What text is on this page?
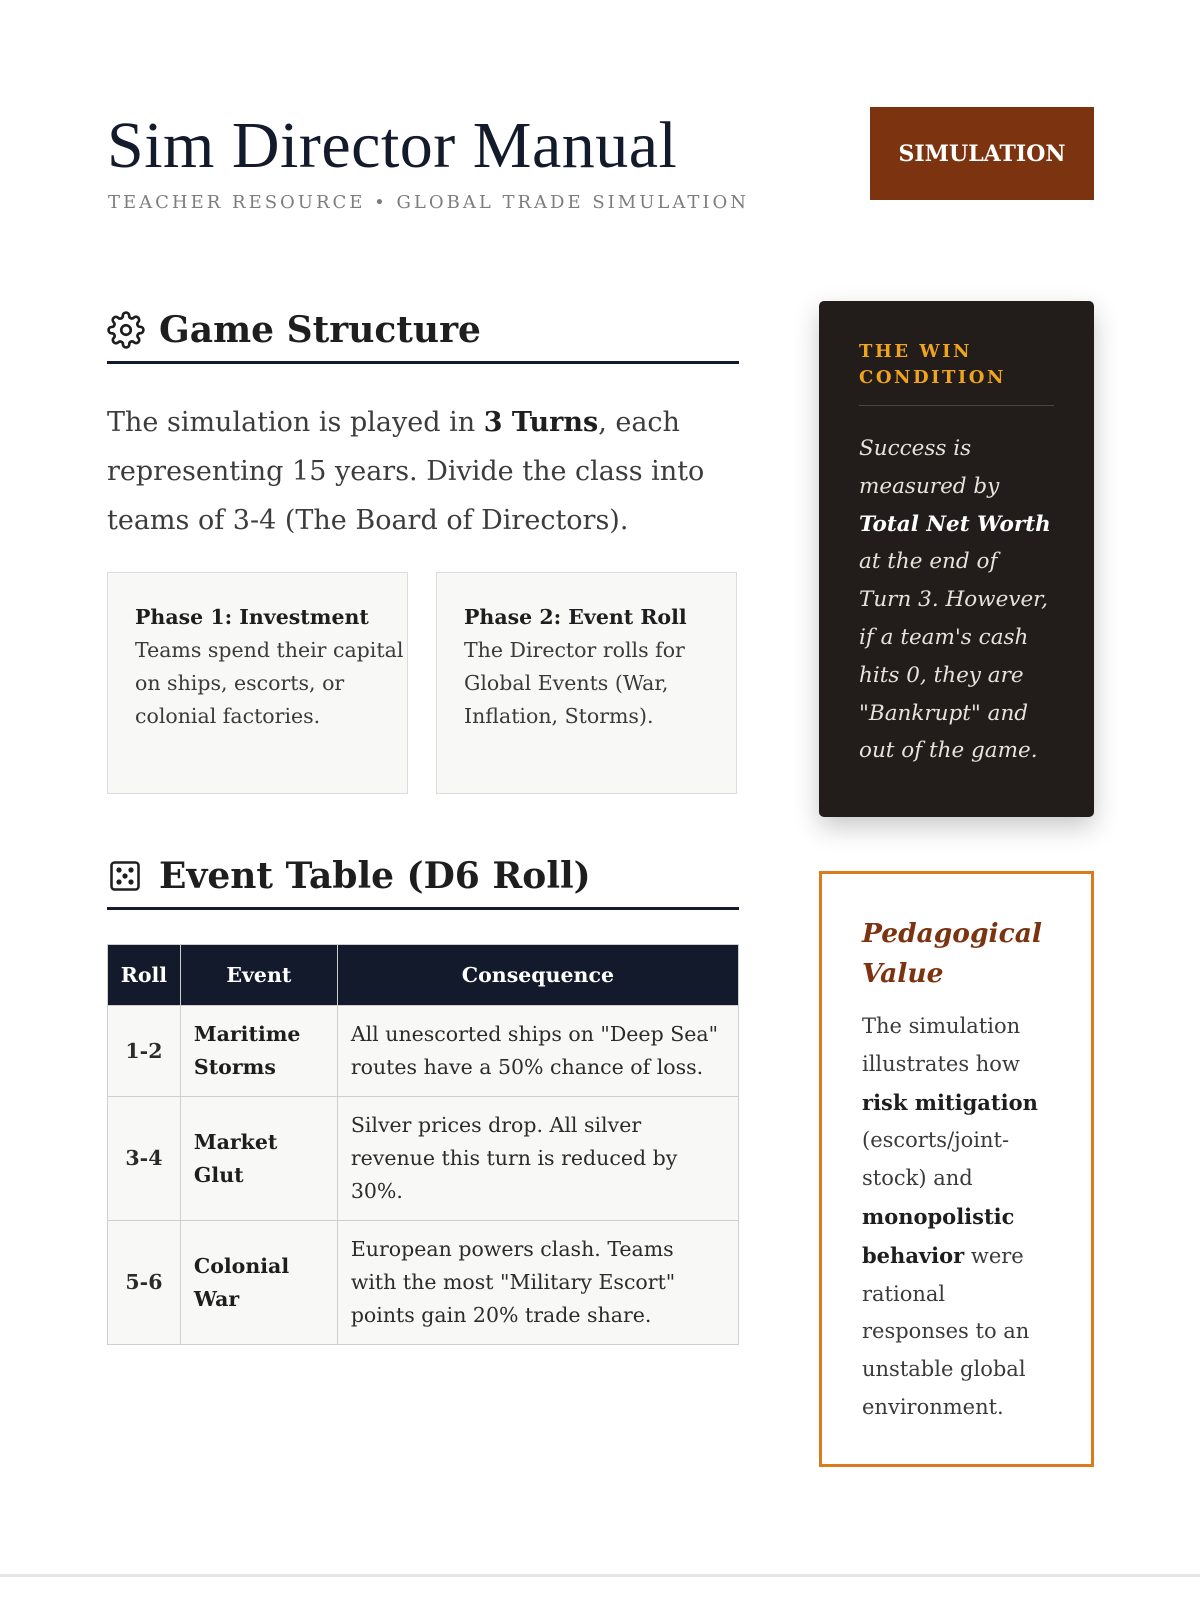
Sim Director Manual
TEACHER RESOURCE • GLOBAL TRADE SIMULATION
SIMULATION
Game Structure

The simulation is played in 3 Turns, each representing 15 years. Divide the class into teams of 3-4 (The Board of Directors).

Phase 1: Investment
Teams spend their capital on ships, escorts, or colonial factories.
Phase 2: Event Roll
The Director rolls for Global Events (War, Inflation, Storms).
Event Table (D6 Roll)
Roll	Event	Consequence
1-2	Maritime Storms	All unescorted ships on "Deep Sea" routes have a 50% chance of loss.
3-4	Market Glut	Silver prices drop. All silver revenue this turn is reduced by 30%.
5-6	Colonial War	European powers clash. Teams with the most "Military Escort" points gain 20% trade share.
THE WIN CONDITION
Success is measured by Total Net Worth at the end of Turn 3. However, if a team's cash hits 0, they are "Bankrupt" and out of the game.
Pedagogical Value
The simulation illustrates how risk mitigation (escorts/joint-stock) and monopolistic behavior were rational responses to an unstable global environment.
